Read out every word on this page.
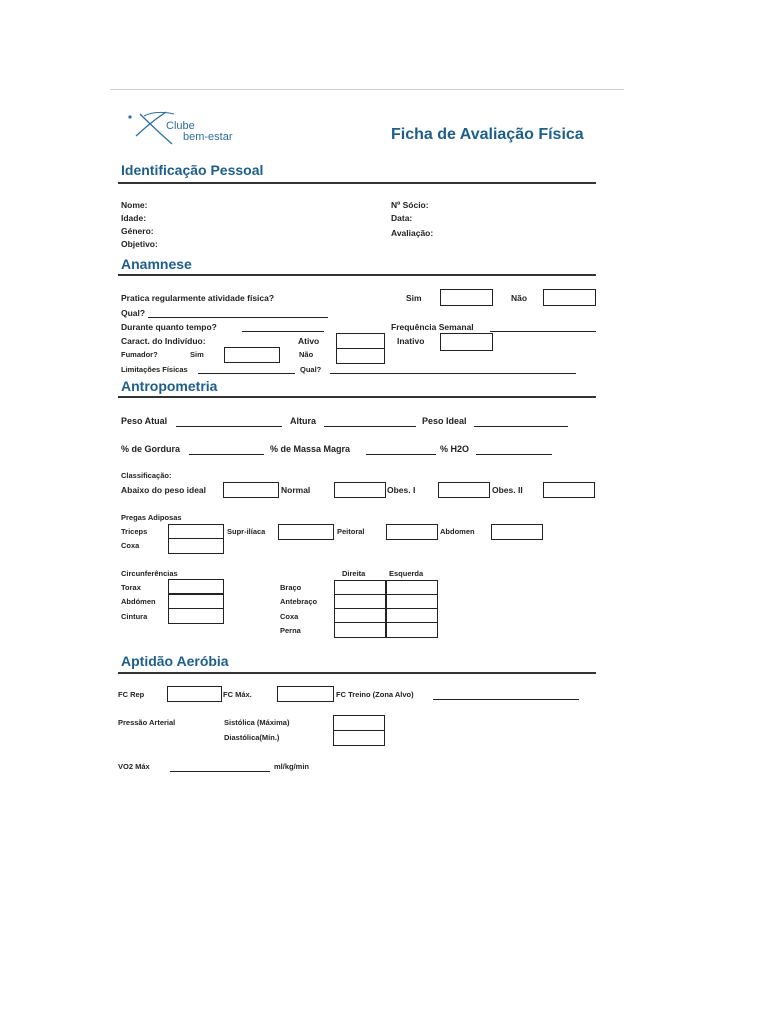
Clube
bem-estar	Ficha de Avaliação Física
Identificação Pessoal
Nome:
Idade:
Género:
Objetivo:
Nº Sócio:
Data:
Avaliação:
Anamnese
Pratica regularmente atividade física?	Sim	Não
Qual?
Durante quanto tempo?	Frequência Semanal
Caract. do Indivíduo:	Ativo	Inativo
Fumador?	Sim	Não
Limitações Físicas	Qual?
Antropometria
Peso Atual	Altura	Peso Ideal
% de Gordura	% de Massa Magra	% H2O
Classificação:
Abaixo do peso ideal	Normal	Obes. I	Obes. II
Pregas Adiposas
Triceps	Supr-ilíaca	Peitoral	Abdomen
Coxa
Circunferências
Torax
Abdómen
Cintura
Direita	Esquerda
Braço
Antebraço
Coxa
Perna
Aptidão Aeróbia
FC Rep	FC Máx.	FC Treino (Zona Alvo)
Pressão Arterial	Sistólica (Máxima)
Diastólica(Mín.)
VO2 Máx	ml/kg/min
